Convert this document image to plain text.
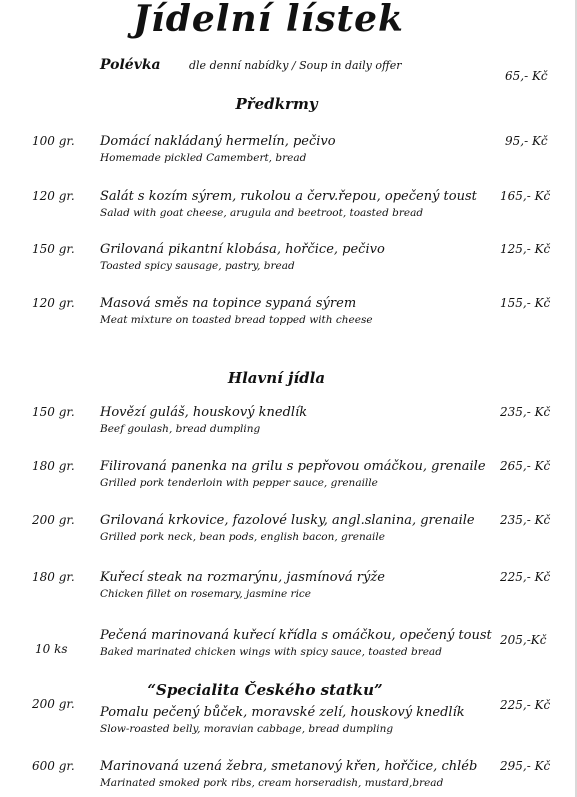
Jídelní lístek
Polévka	dle denní nabídky / Soup in daily offer
65,- Kč
Předkrmy
100 gr. Domácí nakládaný hermelín, pečivo
Homemade pickled Camembert, bread
95,- Kč
120 gr. Salát s kozím sýrem, rukolou a červ.řepou, opečený toust
Salad with goat cheese, arugula and beetroot, toasted bread
165,- Kč
150 gr. Grilovaná pikantní klobása, hořčice, pečivo
Toasted spicy sausage, pastry, bread
125,- Kč
120 gr. Masová směs na topince sypaná sýrem
Meat mixture on toasted bread topped with cheese
155,- Kč
Hlavní jídla
150 gr. Hovězí guláš, houskový knedlík
Beef goulash, bread dumpling
235,- Kč
180 gr. Filirovaná panenka na grilu s pepřovou omáčkou, grenaile
Grilled pork tenderloin with pepper sauce, grenaille
265,- Kč
200 gr. Grilovaná krkovice, fazolové lusky, angl.slanina, grenaile
Grilled pork neck, bean pods, english bacon, grenaile
235,- Kč
180 gr. Kuřecí steak na rozmarýnu, jasmínová rýže
Chicken fillet on rosemary, jasmine rice
225,- Kč
10 ks
Pečená marinovaná kuřecí křídla s omáčkou, opečený toust
Baked marinated chicken wings with spicy sauce, toasted bread
205,-Kč
“Specialita Českého statku”
200 gr.
Pomalu pečený bůček, moravské zelí, houskový knedlík
Slow-roasted belly, moravian cabbage, bread dumpling
225,- Kč
600 gr. Marinovaná uzená žebra, smetanový křen, hořčice, chléb
Marinated smoked pork ribs, cream horseradish, mustard,bread
295,- Kč
